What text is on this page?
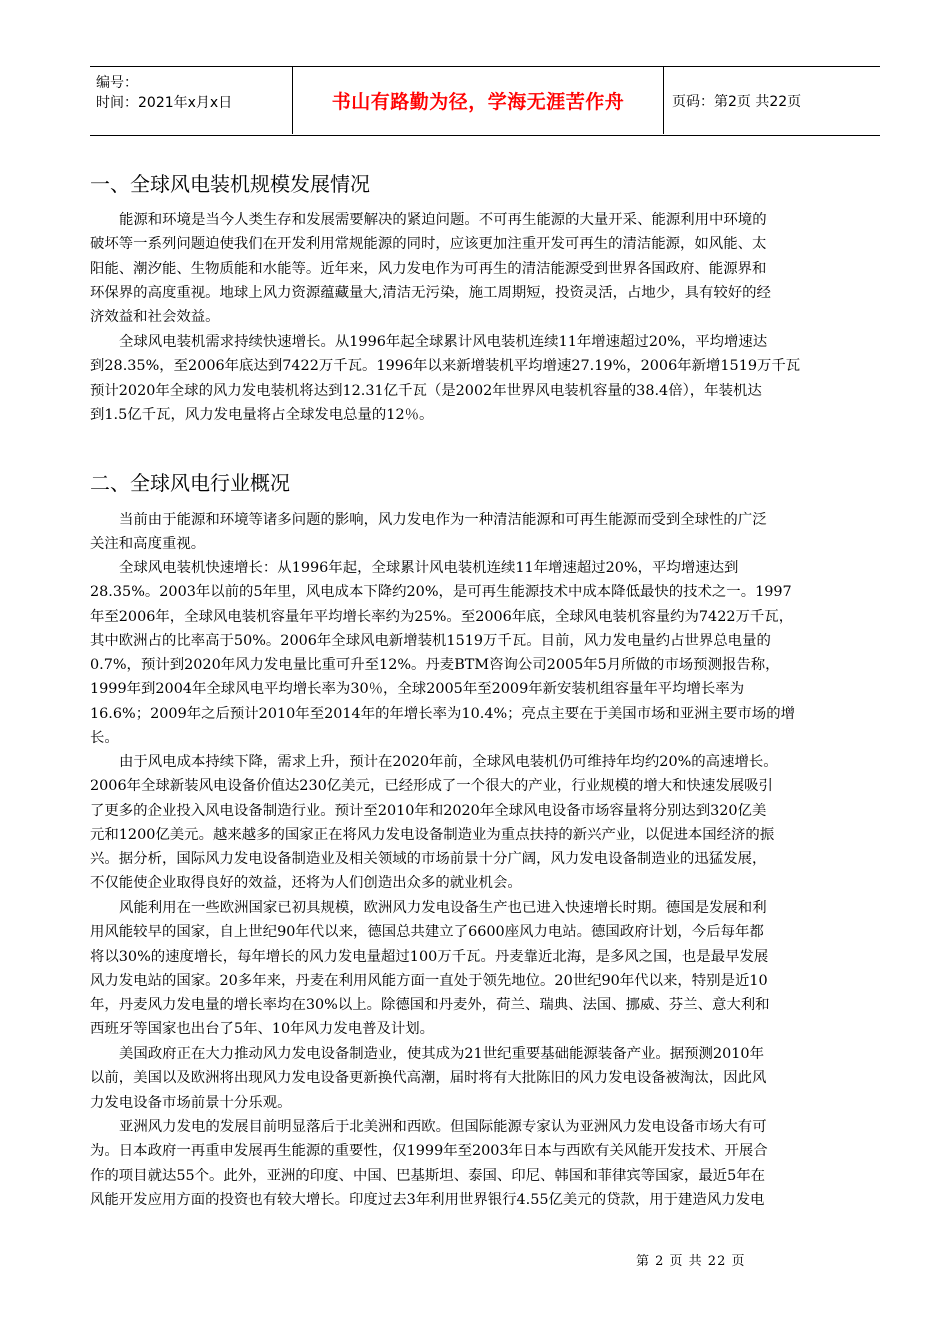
编号：
时间：2021年x月x日	书山有路勤为径，学海无涯苦作舟	页码：第2页 共22页
一、全球风电装机规模发展情况
能源和环境是当今人类生存和发展需要解决的紧迫问题。不可再生能源的大量开采、能源利用中环境的
破坏等一系列问题迫使我们在开发利用常规能源的同时，应该更加注重开发可再生的清洁能源，如风能、太
阳能、潮汐能、生物质能和水能等。近年来，风力发电作为可再生的清洁能源受到世界各国政府、能源界和
环保界的高度重视。地球上风力资源蕴藏量大,清洁无污染，施工周期短，投资灵活，占地少，具有较好的经
济效益和社会效益。
全球风电装机需求持续快速增长。从1996年起全球累计风电装机连续11年增速超过20%，平均增速达
到28.35%，至2006年底达到7422万千瓦。1996年以来新增装机平均增速27.19%，2006年新增1519万千瓦
预计2020年全球的风力发电装机将达到12.31亿千瓦（是2002年世界风电装机容量的38.4倍），年装机达
到1.5亿千瓦，风力发电量将占全球发电总量的12％。
二、全球风电行业概况
当前由于能源和环境等诸多问题的影响，风力发电作为一种清洁能源和可再生能源而受到全球性的广泛
关注和高度重视。
全球风电装机快速增长：从1996年起，全球累计风电装机连续11年增速超过20%，平均增速达到
28.35%。2003年以前的5年里，风电成本下降约20%，是可再生能源技术中成本降低最快的技术之一。1997
年至2006年，全球风电装机容量年平均增长率约为25%。至2006年底，全球风电装机容量约为7422万千瓦，
其中欧洲占的比率高于50%。2006年全球风电新增装机1519万千瓦。目前，风力发电量约占世界总电量的
0.7%，预计到2020年风力发电量比重可升至12%。丹麦BTM咨询公司2005年5月所做的市场预测报告称，
1999年到2004年全球风电平均增长率为30％，全球2005年至2009年新安装机组容量年平均增长率为
16.6%；2009年之后预计2010年至2014年的年增长率为10.4%；亮点主要在于美国市场和亚洲主要市场的增
长。
由于风电成本持续下降，需求上升，预计在2020年前，全球风电装机仍可维持年均约20%的高速增长。
2006年全球新装风电设备价值达230亿美元，已经形成了一个很大的产业，行业规模的增大和快速发展吸引
了更多的企业投入风电设备制造行业。预计至2010年和2020年全球风电设备市场容量将分别达到320亿美
元和1200亿美元。越来越多的国家正在将风力发电设备制造业为重点扶持的新兴产业，以促进本国经济的振
兴。据分析，国际风力发电设备制造业及相关领域的市场前景十分广阔，风力发电设备制造业的迅猛发展，
不仅能使企业取得良好的效益，还将为人们创造出众多的就业机会。
风能利用在一些欧洲国家已初具规模，欧洲风力发电设备生产也已进入快速增长时期。德国是发展和利
用风能较早的国家，自上世纪90年代以来，德国总共建立了6600座风力电站。德国政府计划，今后每年都
将以30%的速度增长，每年增长的风力发电量超过100万千瓦。丹麦靠近北海，是多风之国，也是最早发展
风力发电站的国家。20多年来，丹麦在利用风能方面一直处于领先地位。20世纪90年代以来，特别是近10
年，丹麦风力发电量的增长率均在30%以上。除德国和丹麦外，荷兰、瑞典、法国、挪威、芬兰、意大利和
西班牙等国家也出台了5年、10年风力发电普及计划。
美国政府正在大力推动风力发电设备制造业，使其成为21世纪重要基础能源装备产业。据预测2010年
以前，美国以及欧洲将出现风力发电设备更新换代高潮，届时将有大批陈旧的风力发电设备被淘汰，因此风
力发电设备市场前景十分乐观。
亚洲风力发电的发展目前明显落后于北美洲和西欧。但国际能源专家认为亚洲风力发电设备市场大有可
为。日本政府一再重申发展再生能源的重要性，仅1999年至2003年日本与西欧有关风能开发技术、开展合
作的项目就达55个。此外，亚洲的印度、中国、巴基斯坦、泰国、印尼、韩国和菲律宾等国家，最近5年在
风能开发应用方面的投资也有较大增长。印度过去3年利用世界银行4.55亿美元的贷款，用于建造风力发电
第 2 页 共 22 页
